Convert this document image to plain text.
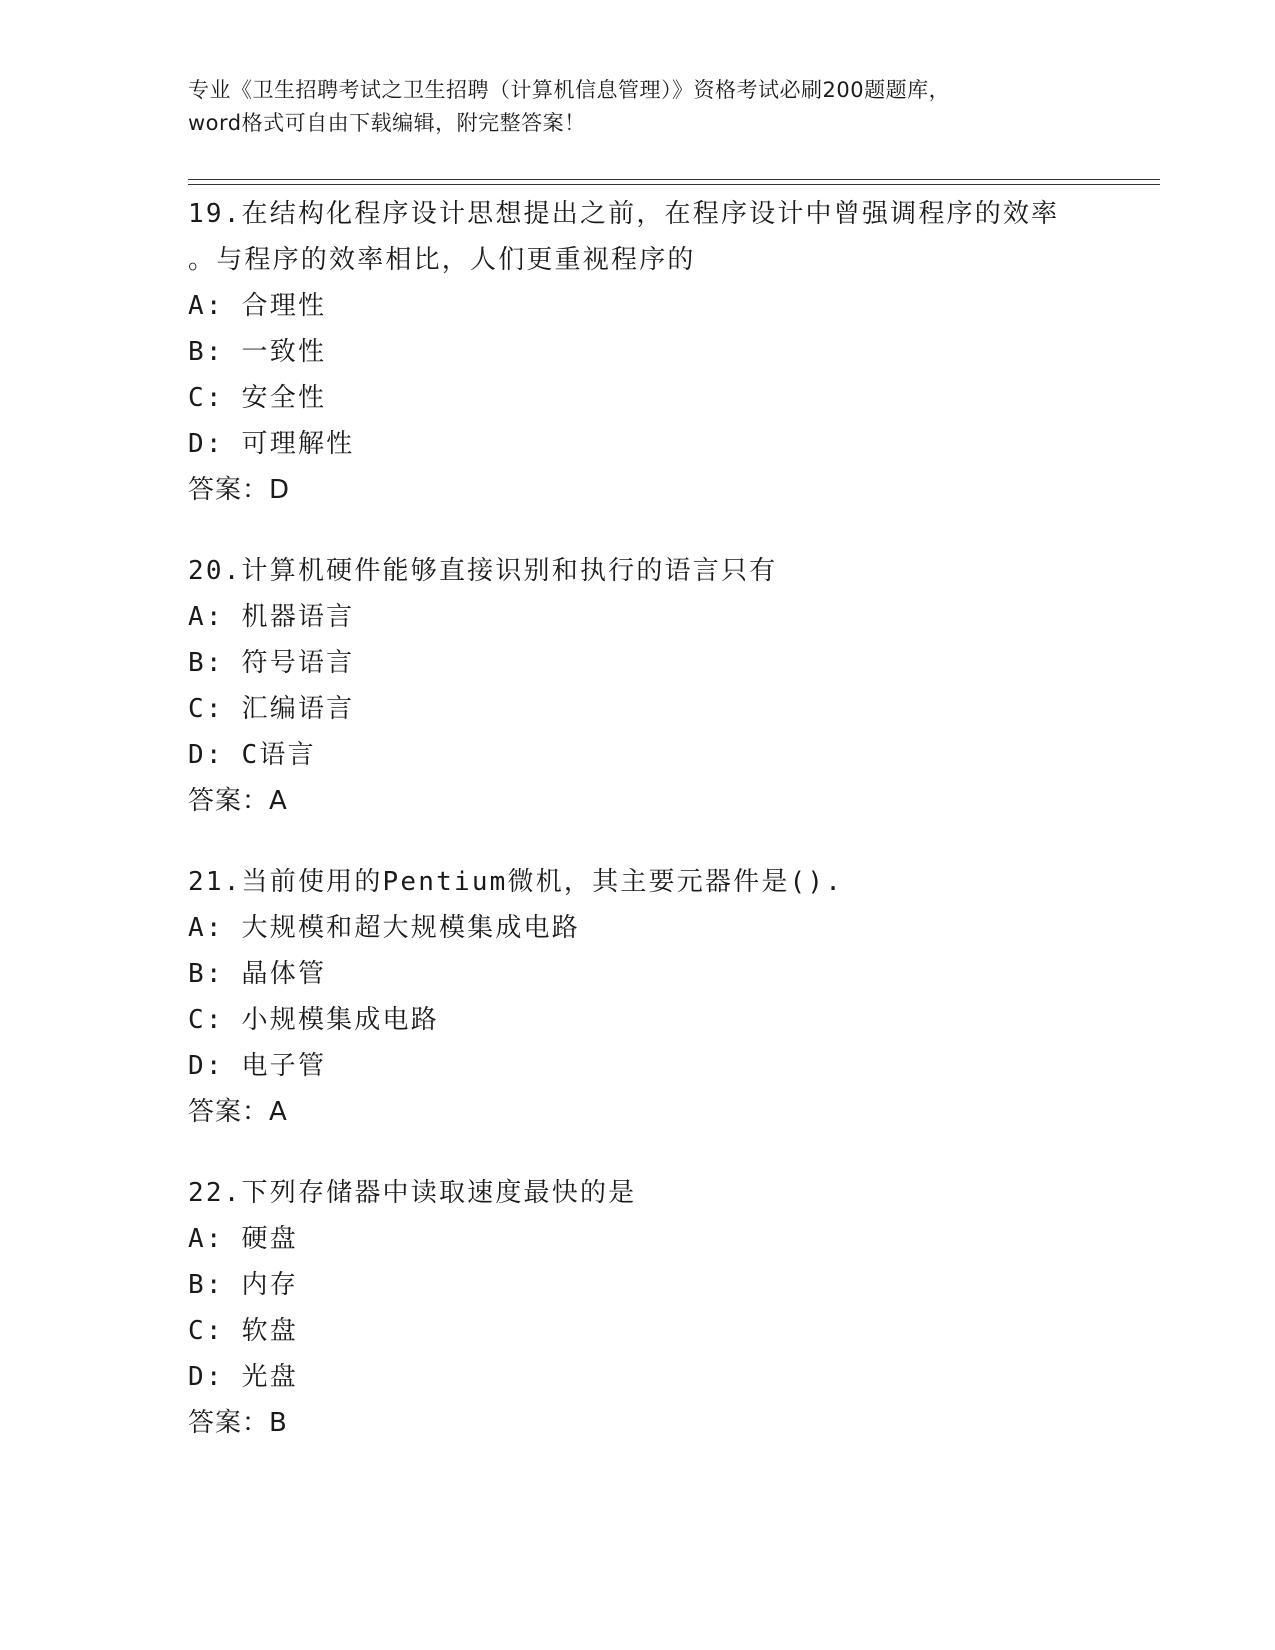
专业《卫生招聘考试之卫生招聘（计算机信息管理）》资格考试必刷200题题库，
word格式可自由下载编辑，附完整答案！
19.在结构化程序设计思想提出之前，在程序设计中曾强调程序的效率
。与程序的效率相比，人们更重视程序的
A: 合理性
B: 一致性
C: 安全性
D: 可理解性
答案：D
20.计算机硬件能够直接识别和执行的语言只有
A: 机器语言
B: 符号语言
C: 汇编语言
D: C语言
答案：A
21.当前使用的Pentium微机，其主要元器件是().
A: 大规模和超大规模集成电路
B: 晶体管
C: 小规模集成电路
D: 电子管
答案：A
22.下列存储器中读取速度最快的是
A: 硬盘
B: 内存
C: 软盘
D: 光盘
答案：B
